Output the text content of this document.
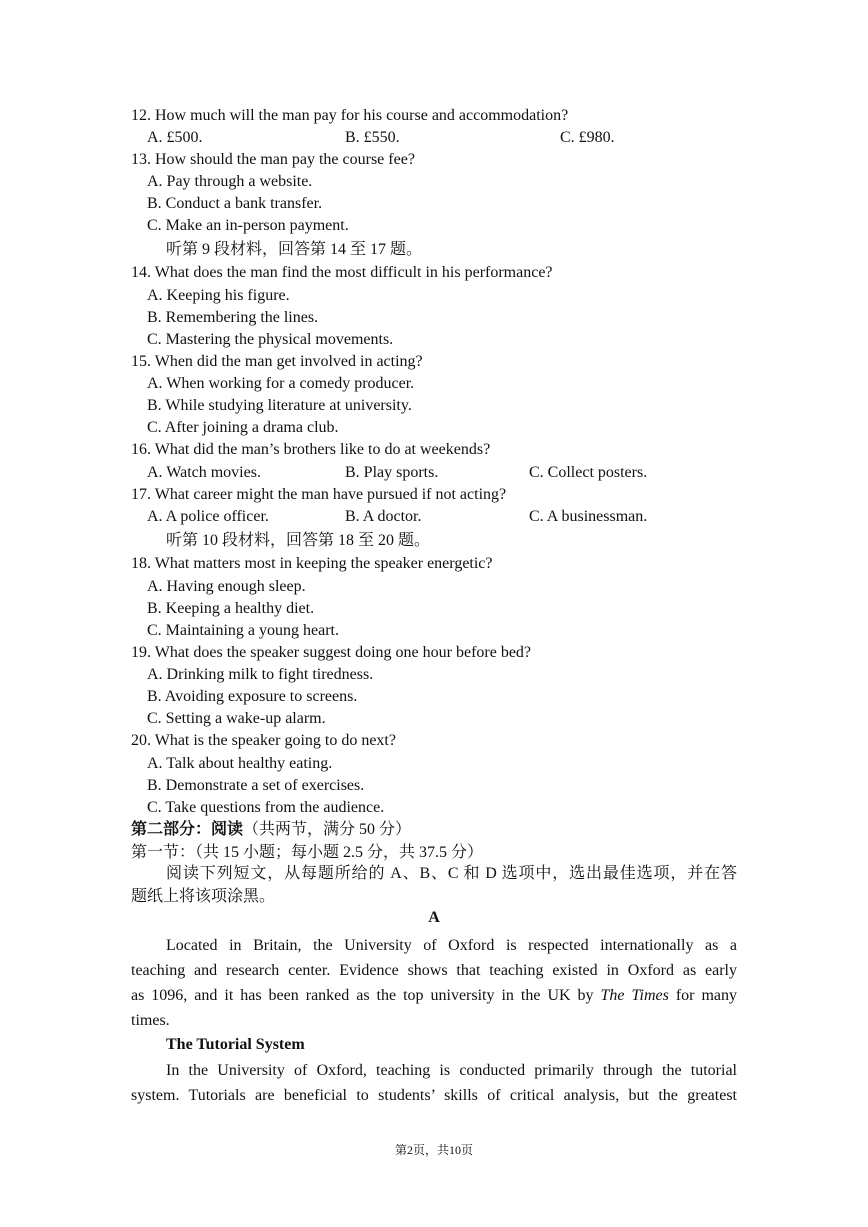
12. How much will the man pay for his course and accommodation?
A. £500.	B. £550.	C. £980.
13. How should the man pay the course fee?
A. Pay through a website.
B. Conduct a bank transfer.
C. Make an in-person payment.
听第 9 段材料，回答第 14 至 17 题。
14. What does the man find the most difficult in his performance?
A. Keeping his figure.
B. Remembering the lines.
C. Mastering the physical movements.
15. When did the man get involved in acting?
A. When working for a comedy producer.
B. While studying literature at university.
C. After joining a drama club.
16. What did the man’s brothers like to do at weekends?
A. Watch movies.	B. Play sports.	C. Collect posters.
17. What career might the man have pursued if not acting?
A. A police officer.	B. A doctor.	C. A businessman.
听第 10 段材料，回答第 18 至 20 题。
18. What matters most in keeping the speaker energetic?
A. Having enough sleep.
B. Keeping a healthy diet.
C. Maintaining a young heart.
19. What does the speaker suggest doing one hour before bed?
A. Drinking milk to fight tiredness.
B. Avoiding exposure to screens.
C. Setting a wake-up alarm.
20. What is the speaker going to do next?
A. Talk about healthy eating.
B. Demonstrate a set of exercises.
C. Take questions from the audience.
第二部分：阅读（共两节，满分 50 分）
第一节：（共 15 小题；每小题 2.5 分，共 37.5 分）
阅读下列短文，从每题所给的 A、B、C 和 D 选项中，选出最佳选项，并在答
题纸上将该项涂黑。
A
Located in Britain, the University of Oxford is respected internationally as a
teaching and research center. Evidence shows that teaching existed in Oxford as early
as 1096, and it has been ranked as the top university in the UK by The Times for many
times.
The Tutorial System
In the University of Oxford, teaching is conducted primarily through the tutorial
system. Tutorials are beneficial to students’ skills of critical analysis, but the greatest
第2页，共10页
